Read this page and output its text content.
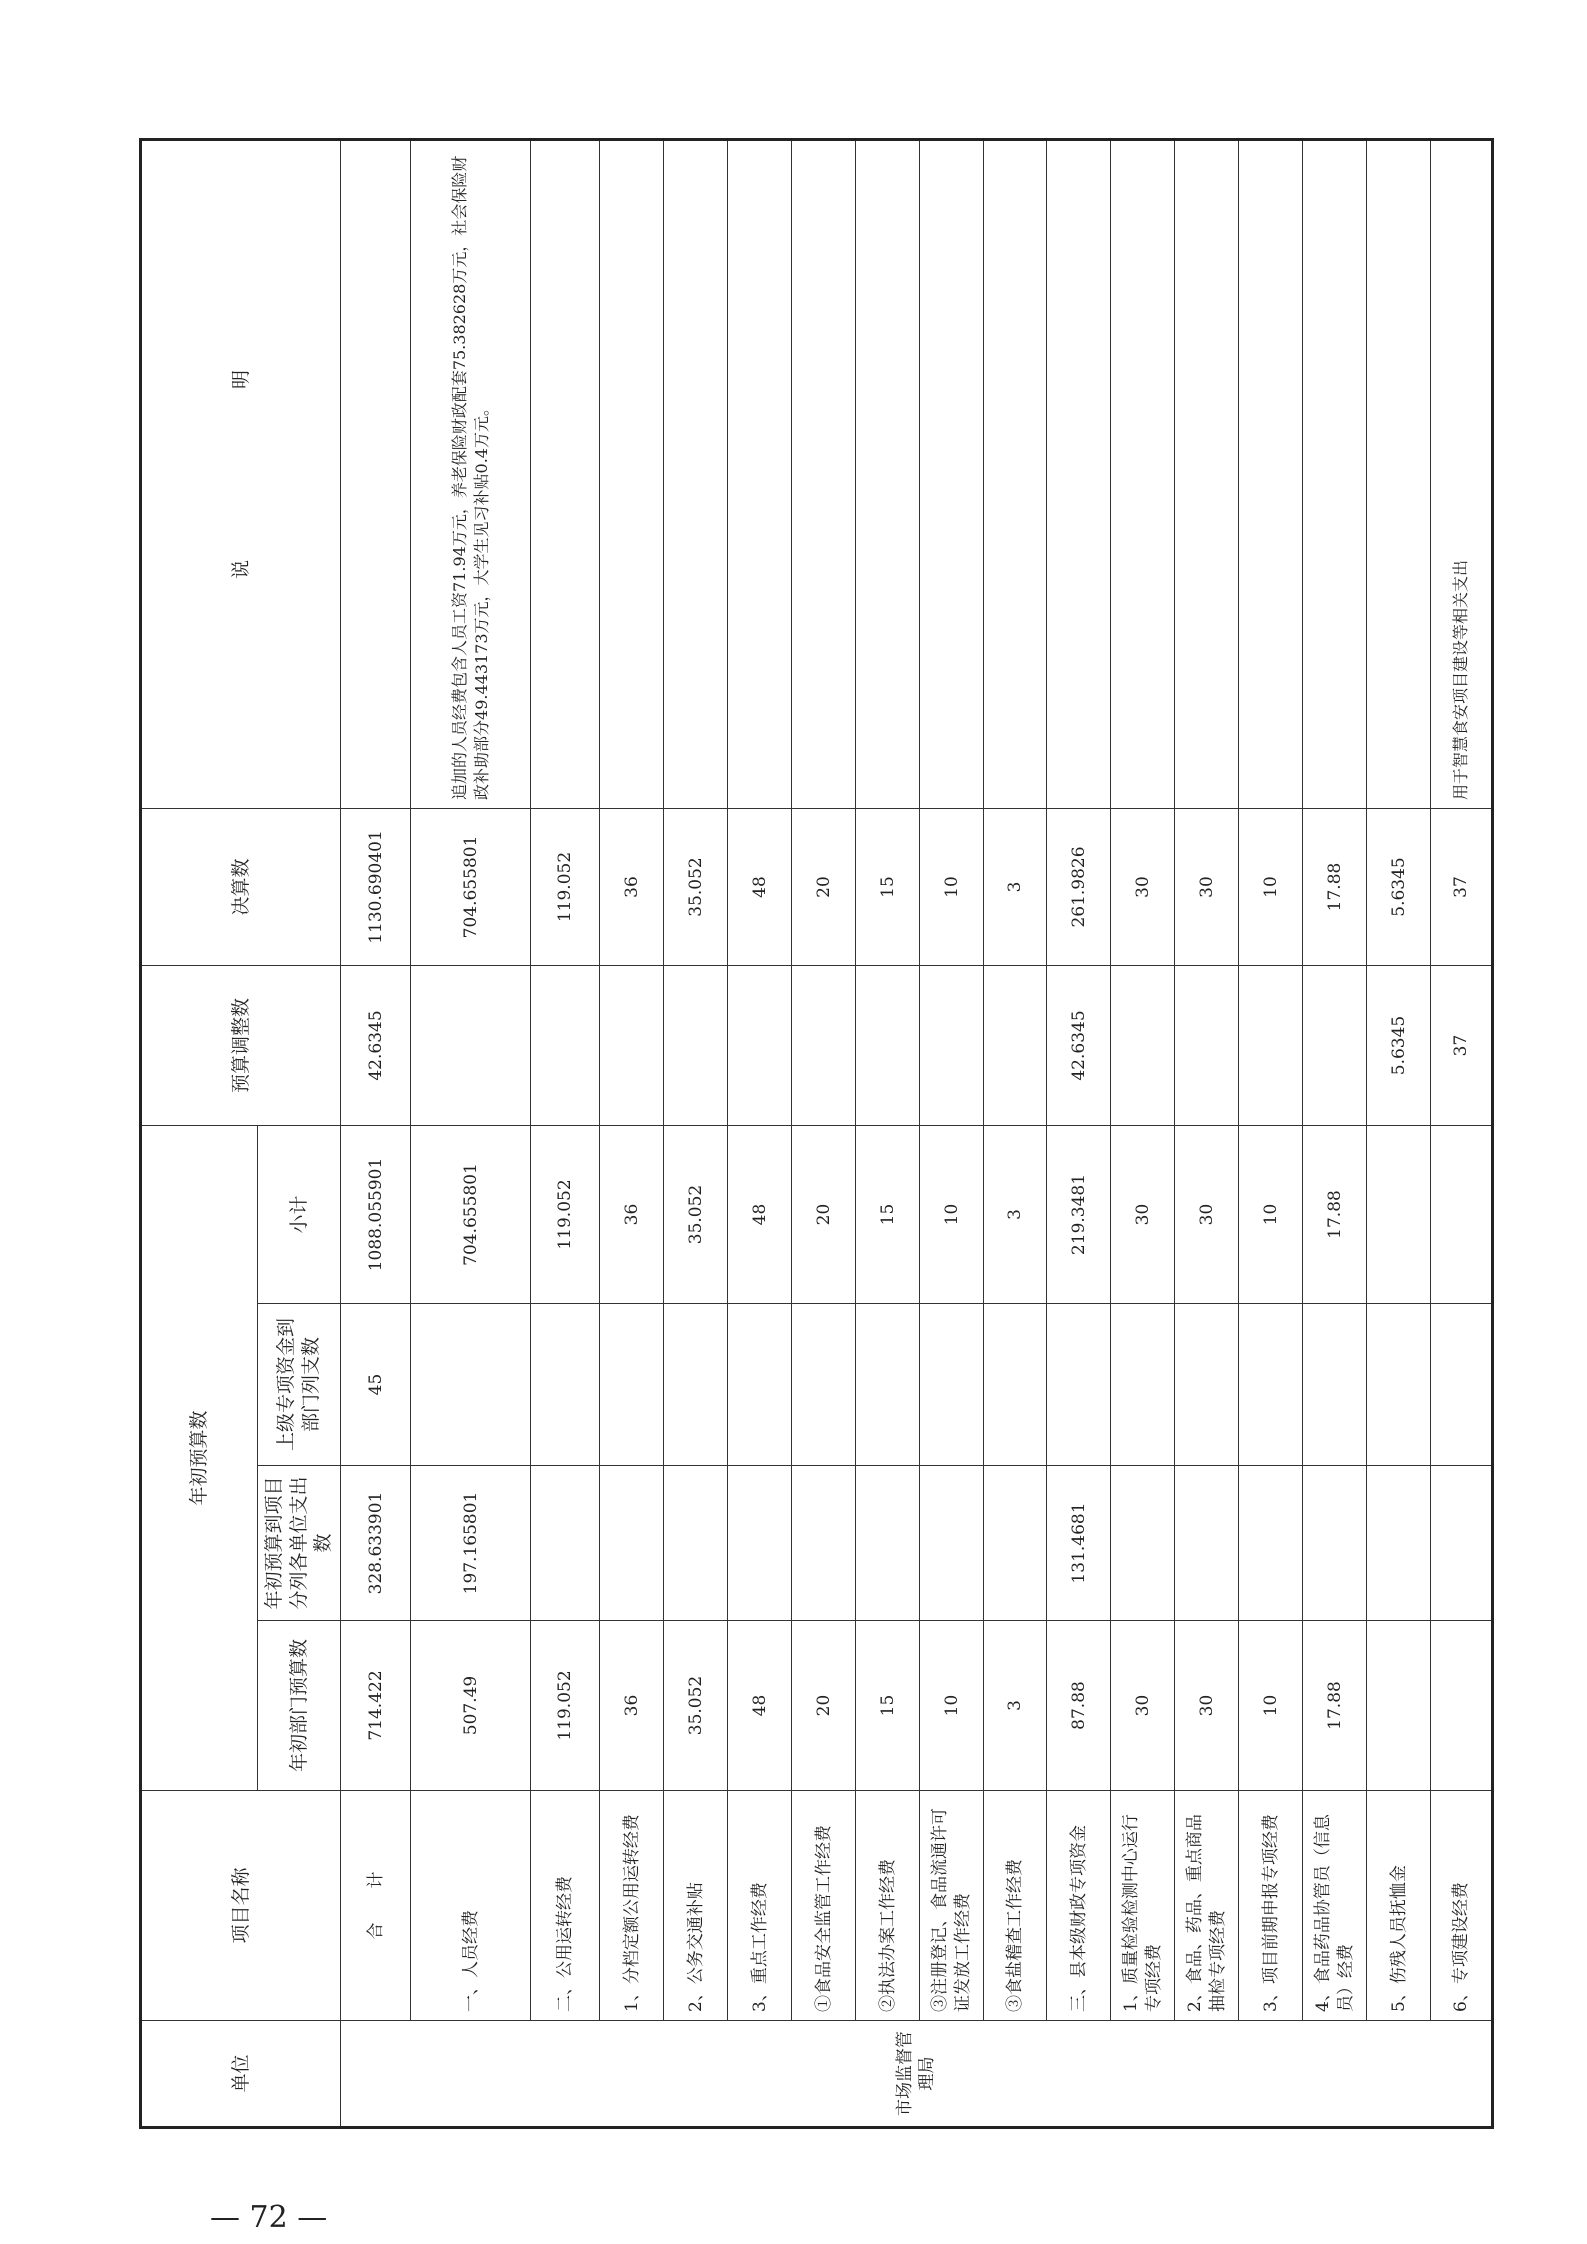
单位	项目名称	年初预算数				预算调整数	决算数	说　　　　　　　　　明
		年初部门预算数	年初预算到项目分列各单位支出数	上级专项资金到部门列支数	小计			
市场监督管理局	合　　计	714.422	328.633901	45	1088.055901	42.6345	1130.690401	
	一、人员经费	507.49	197.165801		704.655801		704.655801	追加的人员经费包含人员工资71.94万元，养老保险财政配套75.382628万元，社会保险财政补助部分49.443173万元，大学生见习补贴0.4万元。
	二、公用运转经费	119.052			119.052		119.052	
	1、分档定额公用运转经费	36			36		36	
	2、公务交通补贴	35.052			35.052		35.052	
	3、重点工作经费	48			48		48	
	①食品安全监管工作经费	20			20		20	
	②执法办案工作经费	15			15		15	
	③注册登记、食品流通许可证发放工作经费	10			10		10	
	③食盐稽查工作经费	3			3		3	
	三、县本级财政专项资金	87.88	131.4681		219.3481	42.6345	261.9826	
	1、质量检验检测中心运行专项经费	30			30		30	
	2、食品、药品、重点商品抽检专项经费	30			30		30	
	3、项目前期申报专项经费	10			10		10	
	4、食品药品协管员（信息员）经费	17.88			17.88		17.88	
	5、伤残人员抚恤金					5.6345	5.6345	
	6、专项建设经费					37	37	用于智慧食安项目建设等相关支出
— 72 —
